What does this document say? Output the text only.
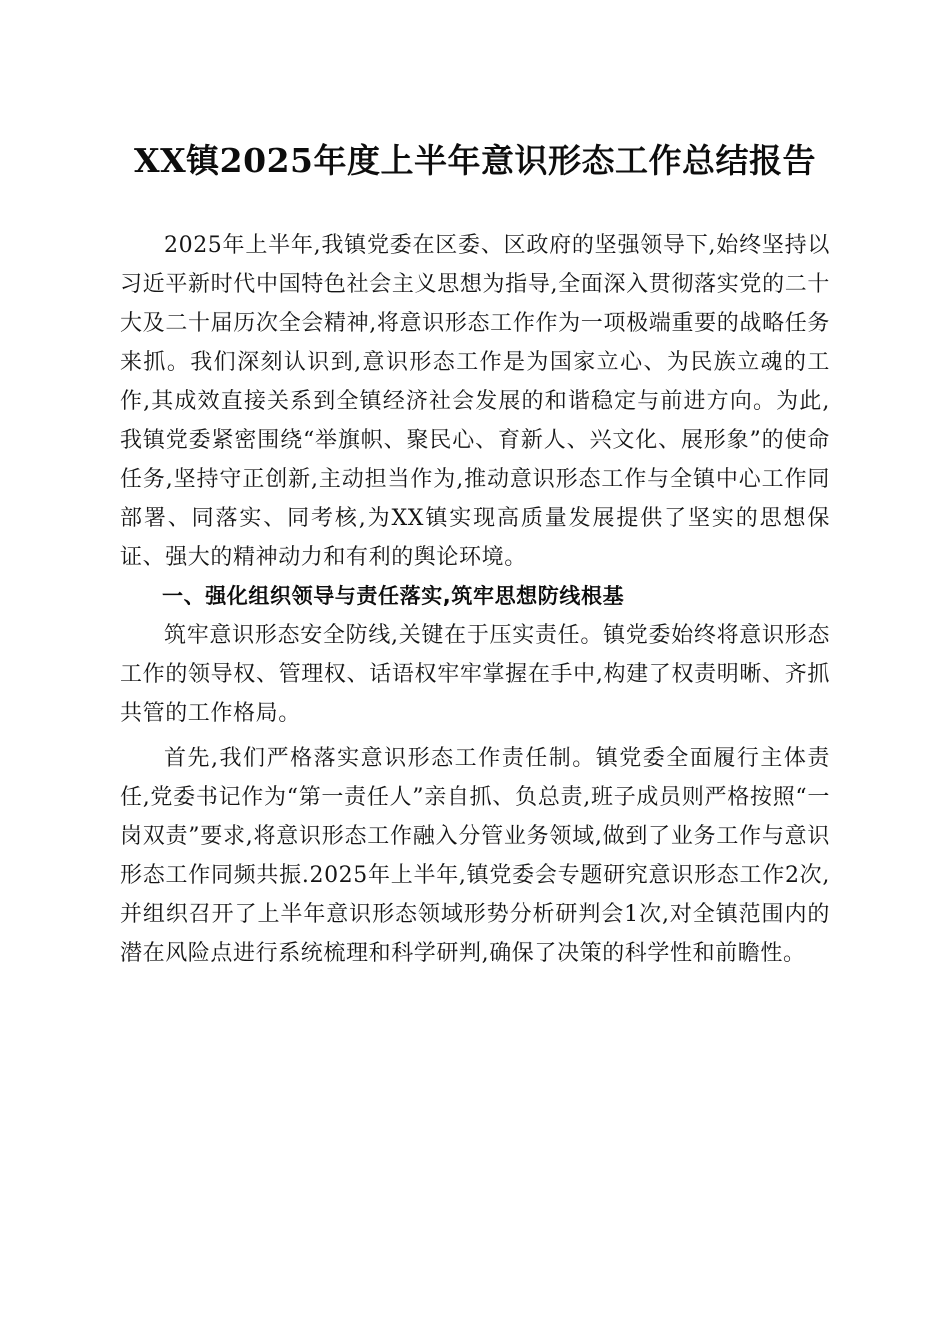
XX镇2025年度上半年意识形态工作总结报告

2025年上半年,我镇党委在区委、区政府的坚强领导下,始终坚持以习近平新时代中国特色社会主义思想为指导,全面深入贯彻落实党的二十大及二十届历次全会精神,将意识形态工作作为一项极端重要的战略任务来抓。我们深刻认识到,意识形态工作是为国家立心、为民族立魂的工作,其成效直接关系到全镇经济社会发展的和谐稳定与前进方向。为此,我镇党委紧密围绕“举旗帜、聚民心、育新人、兴文化、展形象”的使命任务,坚持守正创新,主动担当作为,推动意识形态工作与全镇中心工作同部署、同落实、同考核,为XX镇实现高质量发展提供了坚实的思想保证、强大的精神动力和有利的舆论环境。

一、强化组织领导与责任落实,筑牢思想防线根基

筑牢意识形态安全防线,关键在于压实责任。镇党委始终将意识形态工作的领导权、管理权、话语权牢牢掌握在手中,构建了权责明晰、齐抓共管的工作格局。

首先,我们严格落实意识形态工作责任制。镇党委全面履行主体责任,党委书记作为“第一责任人”亲自抓、负总责,班子成员则严格按照“一岗双责”要求,将意识形态工作融入分管业务领域,做到了业务工作与意识形态工作同频共振.2025年上半年,镇党委会专题研究意识形态工作2次,并组织召开了上半年意识形态领域形势分析研判会1次,对全镇范围内的潜在风险点进行系统梳理和科学研判,确保了决策的科学性和前瞻性。
